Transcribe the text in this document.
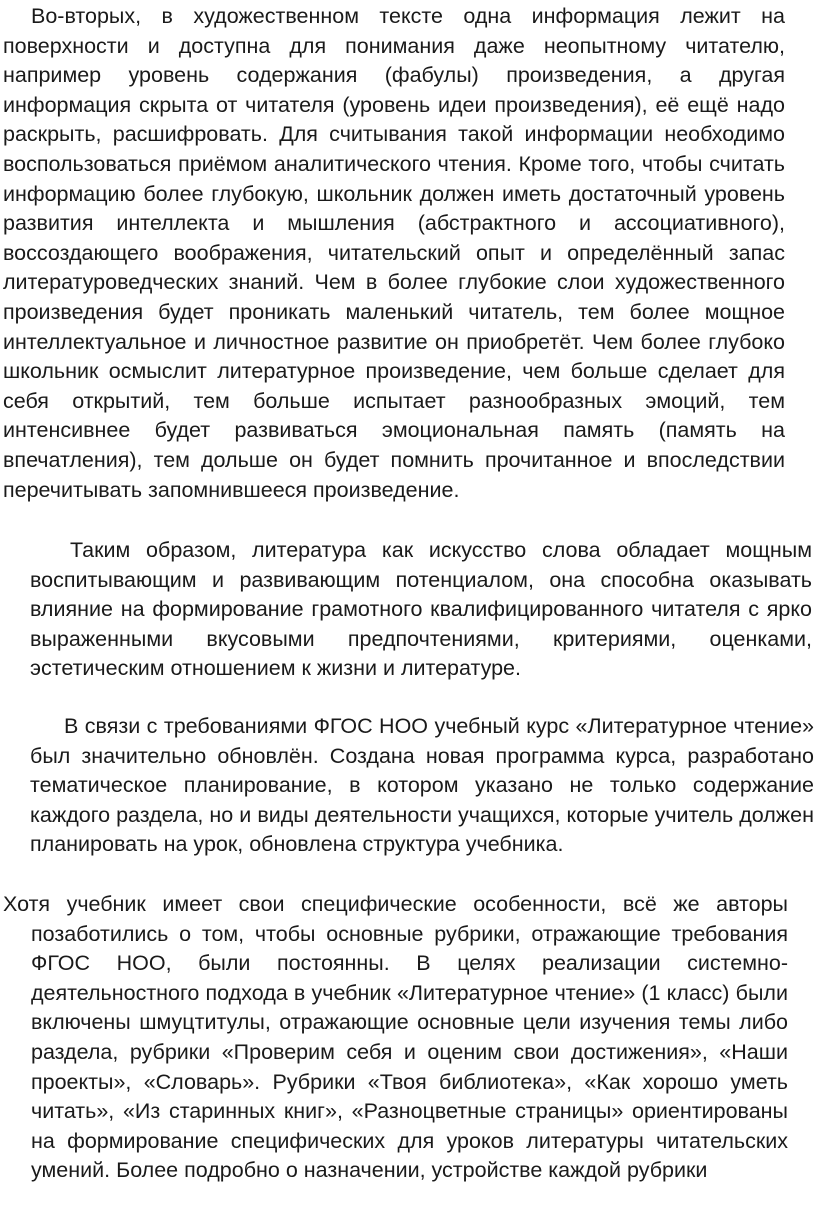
Во-вторых, в художественном тексте одна информация лежит на поверхности и доступна для понимания даже неопытному читателю, например уровень содержания (фабулы) произведения, а другая информация скрыта от читателя (уровень идеи произведения), её ещё надо раскрыть, расшифровать. Для считывания такой информации необходимо воспользоваться приёмом аналитического чтения. Кроме того, чтобы считать информацию более глубокую, школьник должен иметь достаточный уровень развития интеллекта и мышления (абстрактного и ассоциативного), воссоздающего воображения, читательский опыт и определённый запас литературоведческих знаний. Чем в более глубокие слои художественного произведения будет проникать маленький читатель, тем более мощное интеллектуальное и личностное развитие он приобретёт. Чем более глубоко школьник осмыслит литературное произведение, чем больше сделает для себя открытий, тем больше испытает разнообразных эмоций, тем интенсивнее будет развиваться эмоциональная память (память на впечатления), тем дольше он будет помнить прочитанное и впоследствии перечитывать запомнившееся произведение.

Таким образом, литература как искусство слова обладает мощным воспитывающим и развивающим потенциалом, она способна оказывать влияние на формирование грамотного квалифицированного читателя с ярко выраженными вкусовыми предпочтениями, критериями, оценками, эстетическим отношением к жизни и литературе.

В связи с требованиями ФГОС НОО учебный курс «Литературное чтение» был значительно обновлён. Создана новая программа курса, разработано тематическое планирование, в котором указано не только содержание каждого раздела, но и виды деятельности учащихся, которые учитель должен планировать на урок, обновлена структура учебника.

Хотя учебник имеет свои специфические особенности, всё же авторы позаботились о том, чтобы основные рубрики, отражающие требования ФГОС НОО, были постоянны. В целях реализации системно-деятельностного подхода в учебник «Литературное чтение» (1 класс) были включены шмуцтитулы, отражающие основные цели изучения темы либо раздела, рубрики «Проверим себя и оценим свои достижения», «Наши проекты», «Словарь». Рубрики «Твоя библиотека», «Как хорошо уметь читать», «Из старинных книг», «Разноцветные страницы» ориентированы на формирование специфических для уроков литературы читательских умений. Более подробно о назначении, устройстве каждой рубрики
